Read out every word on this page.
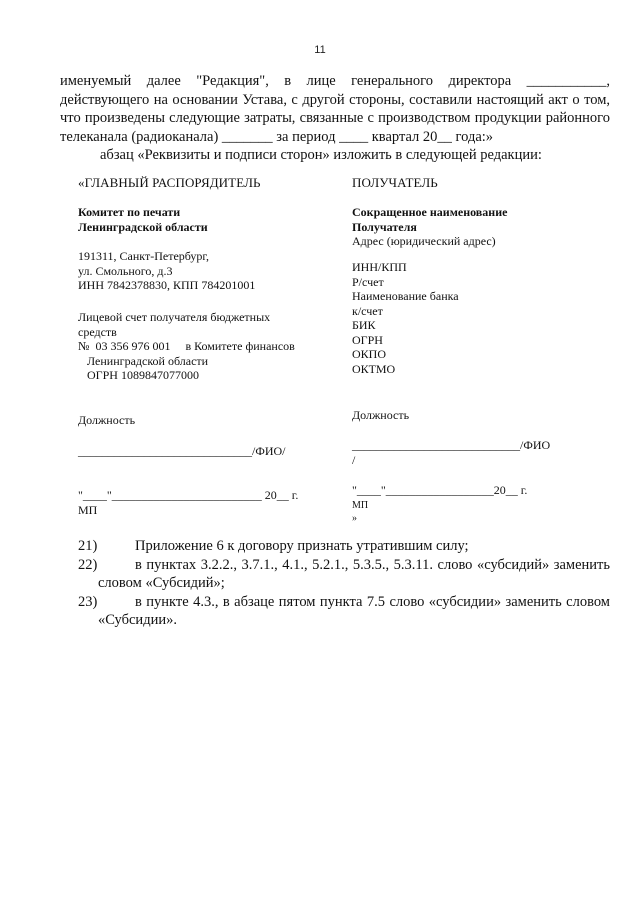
11

именуемый далее "Редакция", в лице генерального директора ___________, действующего на основании Устава, с другой стороны, составили настоящий акт о том, что произведены следующие затраты, связанные с производством продукции районного телеканала (радиоканала) _______ за период ____ квартал 20__ года:»

абзац «Реквизиты и подписи сторон» изложить в следующей редакции:

«ГЛАВНЫЙ РАСПОРЯДИТЕЛЬ
Комитет по печати
Ленинградской области
191311, Санкт-Петербург,
ул. Смольного, д.3
ИНН 7842378830, КПП 784201001
Лицевой счет получателя бюджетных
средств
№  03 356 976 001     в Комитете финансов
Ленинградской области
ОГРН 1089847077000
Должность
_____________________________/ФИО/
"____"_________________________ 20__ г.
МП
ПОЛУЧАТЕЛЬ
Сокращенное наименование
Получателя
Адрес (юридический адрес)
ИНН/КПП
Р/счет
Наименование банка
к/счет
БИК
ОГРН
ОКПО
ОКТМО
Должность
____________________________/ФИО
/
"____"__________________20__ г.
МП
»
21)	Приложение 6 к договору признать утратившим силу;
22)	в пунктах 3.2.2., 3.7.1., 4.1., 5.2.1., 5.3.5., 5.3.11. слово «субсидий» заменить словом «Субсидий»;
23)	в пункте 4.3., в абзаце пятом пункта 7.5 слово «субсидии» заменить словом «Субсидии».
